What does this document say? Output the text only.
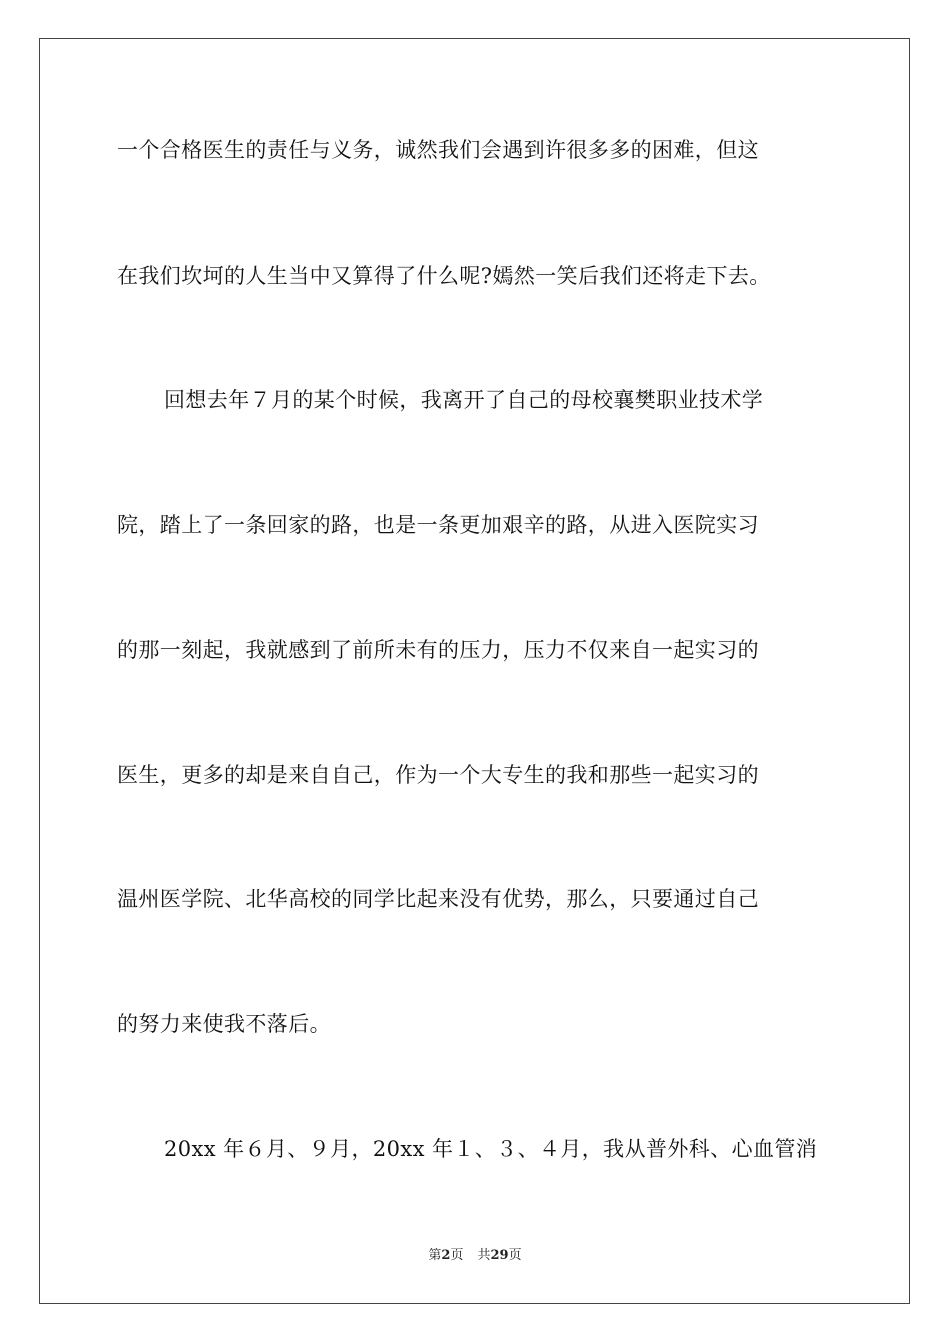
一个合格医生的责任与义务，诚然我们会遇到许很多多的困难，但这
在我们坎坷的人生当中又算得了什么呢?嫣然一笑后我们还将走下去。
回想去年７月的某个时候，我离开了自己的母校襄樊职业技术学
院，踏上了一条回家的路，也是一条更加艰辛的路，从进入医院实习
的那一刻起，我就感到了前所未有的压力，压力不仅来自一起实习的
医生，更多的却是来自自己，作为一个大专生的我和那些一起实习的
温州医学院、北华高校的同学比起来没有优势，那么，只要通过自己
的努力来使我不落后。
20xx 年６月、９月，20xx 年１、３、４月，我从普外科、心血管消
第2页 共29页
